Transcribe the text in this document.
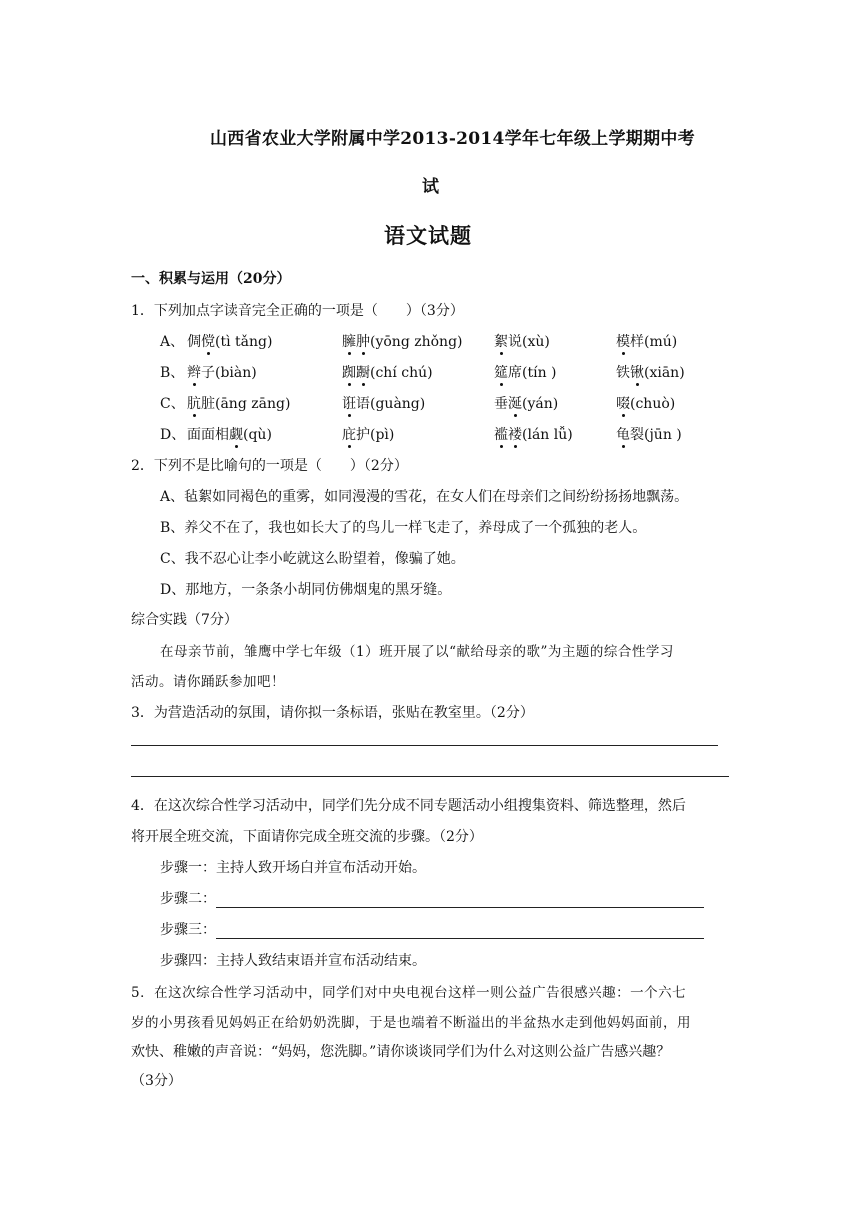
山西省农业大学附属中学2013-2014学年七年级上学期期中考
试
语文试题
一、积累与运用（20分）
1．下列加点字读音完全正确的一项是（　　）（3分）
A、 倜傥(tì tǎng)	臃肿(yōng zhǒng) 絮说(xù)	模样(mú)
B、 辫子(biàn)	踟蹰(chí chú)	筵席(tín )	铁锹(xiān)
C、 肮脏(āng zāng)	诳语(guàng)	垂涎(yán)	啜(chuò)
D、 面面相觑(qù)	庇护(pì)	褴褛(lán lǚ)	龟裂(jūn )
2．下列不是比喻句的一项是（　　）（2分）
A、毡絮如同褐色的重雾，如同漫漫的雪花，在女人们在母亲们之间纷纷扬扬地飘荡。
B、养父不在了，我也如长大了的鸟儿一样飞走了，养母成了一个孤独的老人。
C、我不忍心让李小屹就这么盼望着，像骗了她。
D、那地方，一条条小胡同仿佛烟鬼的黑牙缝。
综合实践（7分）
在母亲节前，雏鹰中学七年级（1）班开展了以“献给母亲的歌”为主题的综合性学习
活动。请你踊跃参加吧！
3．为营造活动的氛围，请你拟一条标语，张贴在教室里。（2分）
4．在这次综合性学习活动中，同学们先分成不同专题活动小组搜集资料、筛选整理，然后
将开展全班交流，下面请你完成全班交流的步骤。（2分）
步骤一：主持人致开场白并宣布活动开始。
步骤二：
步骤三：
步骤四：主持人致结束语并宣布活动结束。
5．在这次综合性学习活动中，同学们对中央电视台这样一则公益广告很感兴趣：一个六七
岁的小男孩看见妈妈正在给奶奶洗脚，于是也端着不断溢出的半盆热水走到他妈妈面前，用
欢快、稚嫩的声音说：“妈妈，您洗脚。”请你谈谈同学们为什么对这则公益广告感兴趣？
（3分）
